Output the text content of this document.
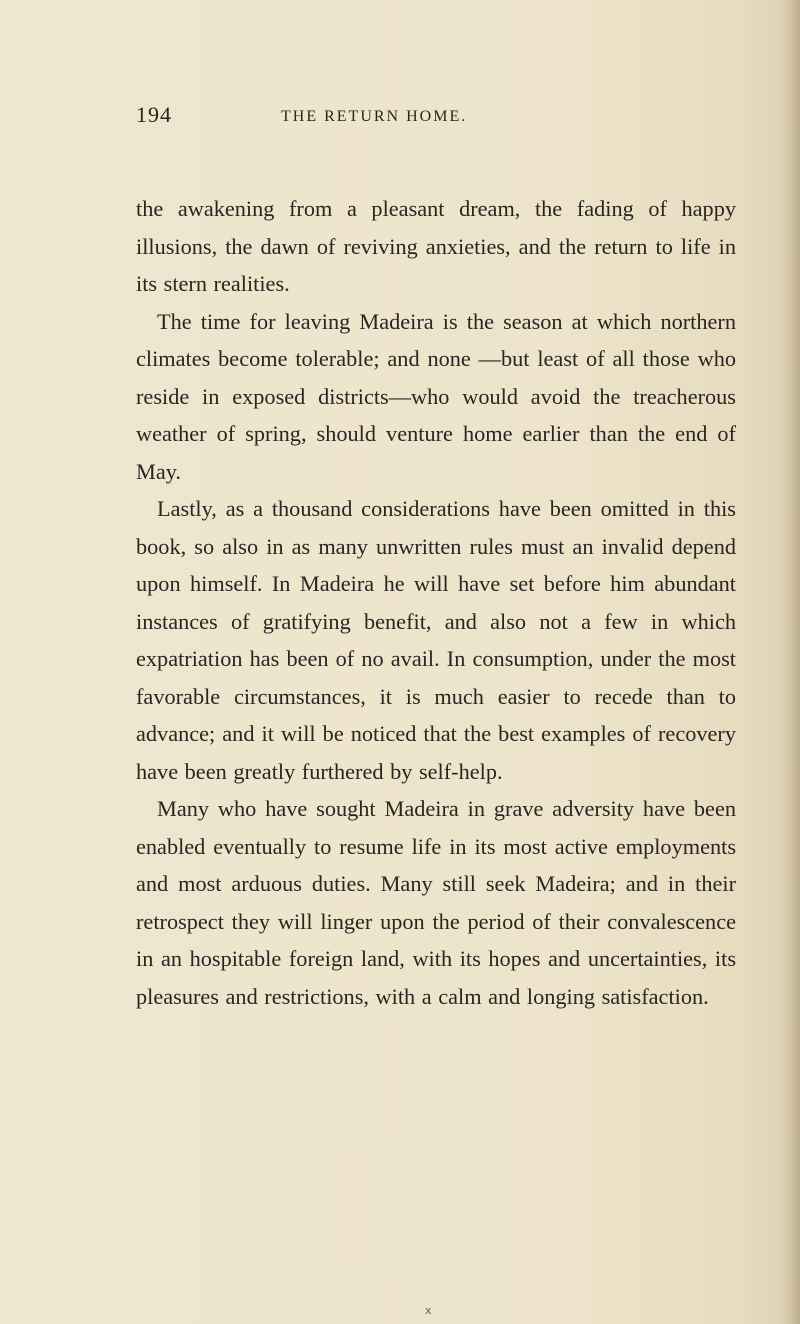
194	THE RETURN HOME.

the awakening from a pleasant dream, the fading of happy illusions, the dawn of reviving anxieties, and the return to life in its stern realities.

The time for leaving Madeira is the season at which northern climates become tolerable; and none —but least of all those who reside in exposed districts—who would avoid the treacherous weather of spring, should venture home earlier than the end of May.

Lastly, as a thousand considerations have been omitted in this book, so also in as many unwritten rules must an invalid depend upon himself. In Madeira he will have set before him abundant instances of gratifying benefit, and also not a few in which expatriation has been of no avail. In consumption, under the most favorable circumstances, it is much easier to recede than to advance; and it will be noticed that the best examples of recovery have been greatly furthered by self-help.

Many who have sought Madeira in grave adversity have been enabled eventually to resume life in its most active employments and most arduous duties. Many still seek Madeira; and in their retrospect they will linger upon the period of their convalescence in an hospitable foreign land, with its hopes and uncertainties, its pleasures and restrictions, with a calm and longing satisfaction.

x
